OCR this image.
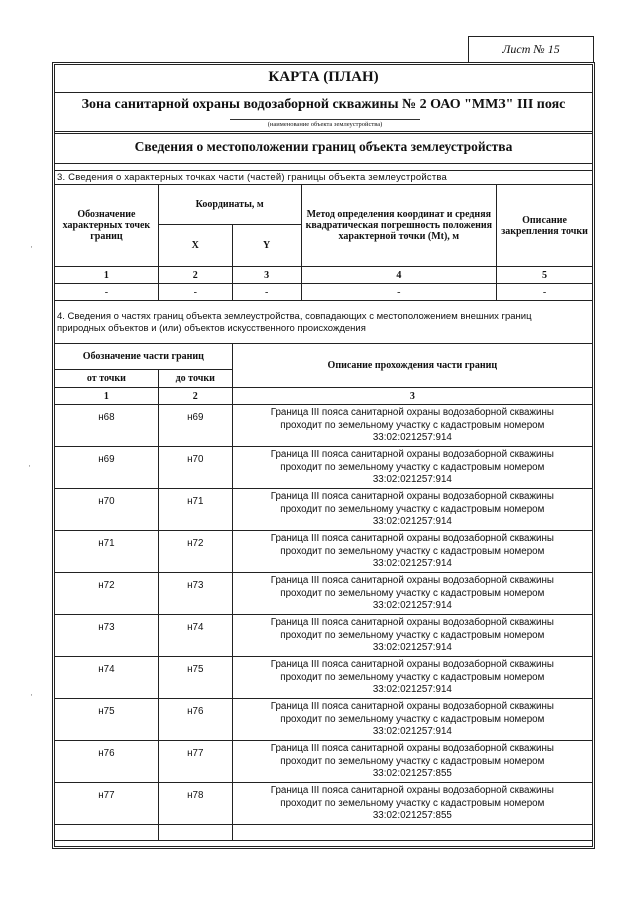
Лист № 15
КАРТА (ПЛАН)
Зона санитарной охраны водозаборной скважины № 2 ОАО "ММЗ" III пояс
(наименование объекта землеустройства)
Сведения о местоположении границ объекта землеустройства
3. Сведения о характерных точках части (частей) границы объекта землеустройства
Обозначение характерных точек границ	Координаты, м		Метод определения координат и средняя квадратическая погрешность положения характерной точки (Mt), м	Описание закрепления точки
	X	Y		
1	2	3	4	5
-	-	-	-	-
4. Сведения о частях границ объекта землеустройства, совпадающих с местоположением внешних границ природных объектов и (или) объектов искусственного происхождения
Обозначение части границ		Описание прохождения части границ
от точки	до точки	
1	2	3
н68	н69	Граница III пояса санитарной охраны водозаборной скважины
проходит по земельному участку с кадастровым номером
33:02:021257:914

н69	н70	Граница III пояса санитарной охраны водозаборной скважины
проходит по земельному участку с кадастровым номером
33:02:021257:914

н70	н71	Граница III пояса санитарной охраны водозаборной скважины
проходит по земельному участку с кадастровым номером
33:02:021257:914

н71	н72	Граница III пояса санитарной охраны водозаборной скважины
проходит по земельному участку с кадастровым номером
33:02:021257:914

н72	н73	Граница III пояса санитарной охраны водозаборной скважины
проходит по земельному участку с кадастровым номером
33:02:021257:914

н73	н74	Граница III пояса санитарной охраны водозаборной скважины
проходит по земельному участку с кадастровым номером
33:02:021257:914

н74	н75	Граница III пояса санитарной охраны водозаборной скважины
проходит по земельному участку с кадастровым номером
33:02:021257:914

н75	н76	Граница III пояса санитарной охраны водозаборной скважины
проходит по земельному участку с кадастровым номером
33:02:021257:914

н76	н77	Граница III пояса санитарной охраны водозаборной скважины
проходит по земельному участку с кадастровым номером
33:02:021257:855

н77	н78	Граница III пояса санитарной охраны водозаборной скважины
проходит по земельному участку с кадастровым номером
33:02:021257:855

·
·
·
